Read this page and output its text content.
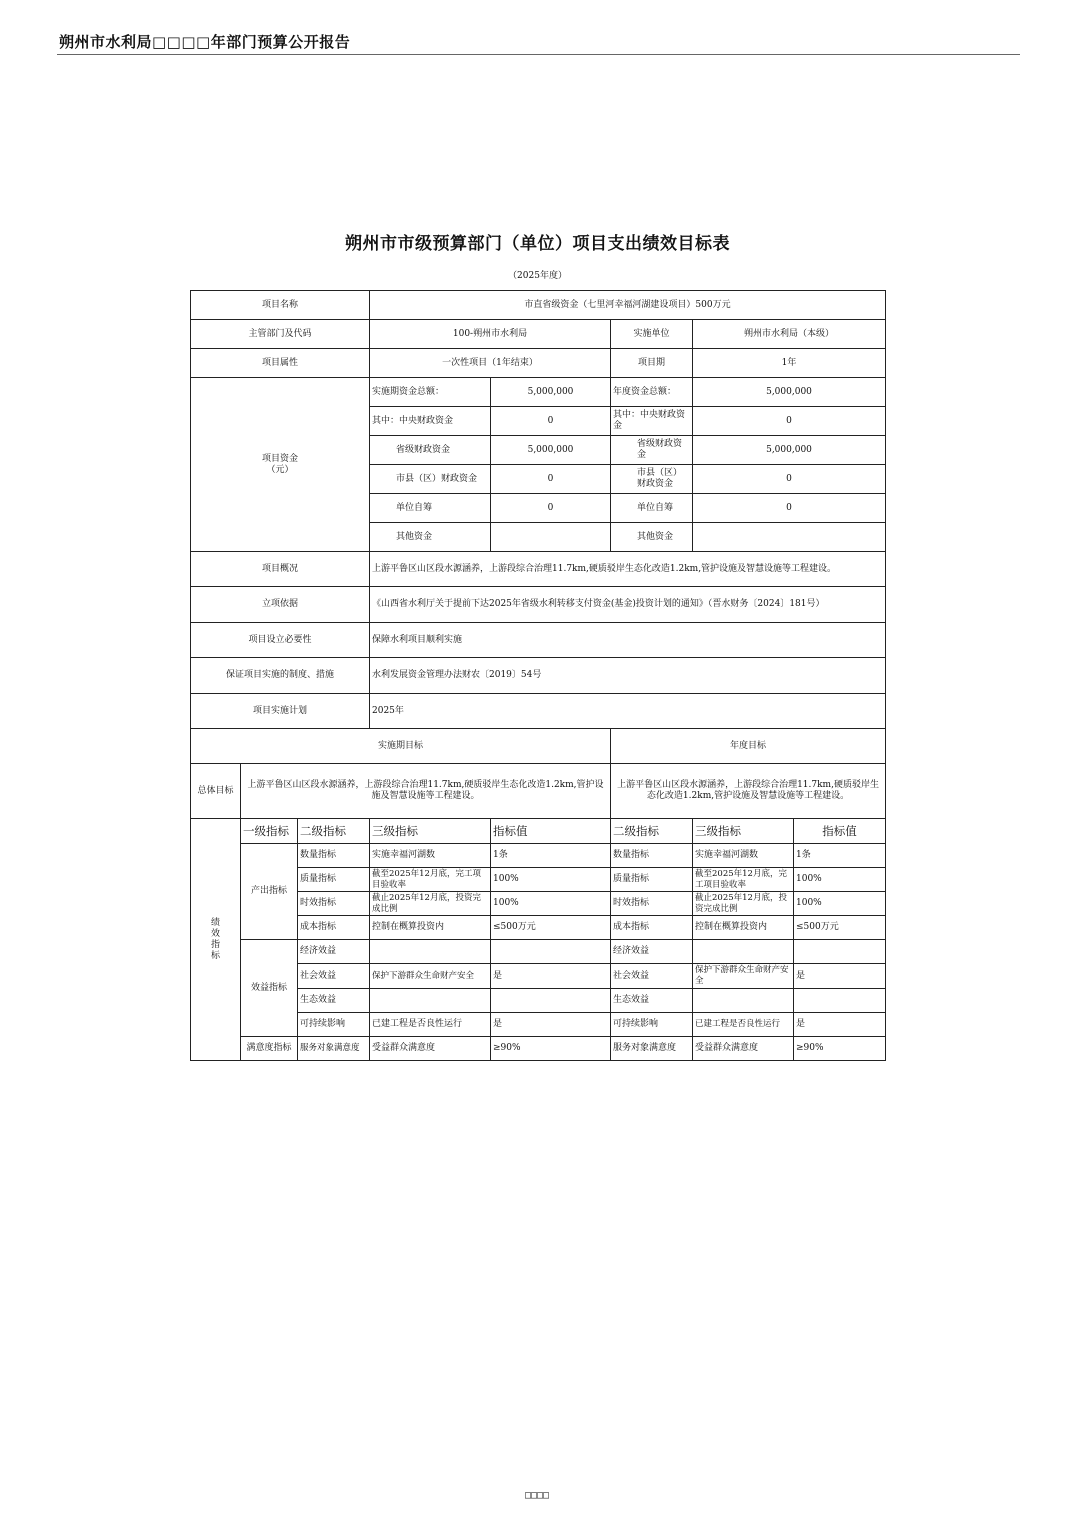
朔州市水利局□□□□年部门预算公开报告
朔州市市级预算部门（单位）项目支出绩效目标表
（2025年度）
项目名称			市直省级资金（七里河幸福河湖建设项目）500万元				
主管部门及代码			100-朔州市水利局		实施单位	朔州市水利局（本级）	
项目属性			一次性项目（1年结束）		项目期	1年	

项目资金
（元）			实施期资金总额：	5,000,000	年度资金总额：	5,000,000	
			其中：中央财政资金	0	其中：中央财政资金	0	
			省级财政资金	5,000,000	省级财政资金	5,000,000	
			市县（区）财政资金	0	市县（区）财政资金	0	
			单位自筹	0	单位自筹	0	
			其他资金		其他资金		
项目概况			上游平鲁区山区段水源涵养，上游段综合治理11.7km,硬质驳岸生态化改造1.2km,管护设施及智慧设施等工程建设。				
立项依据			《山西省水利厅关于提前下达2025年省级水利转移支付资金(基金)投资计划的通知》（晋水财务〔2024〕181号）				
项目设立必要性			保障水利项目顺利实施				
保证项目实施的制度、措施			水利发展资金管理办法财农〔2019〕54号				
项目实施计划			2025年				
实施期目标					年度目标		
总体目标	上游平鲁区山区段水源涵养，上游段综合治理11.7km,硬质驳岸生态化改造1.2km,管护设施及智慧设施等工程建设。				上游平鲁区山区段水源涵养，上游段综合治理11.7km,硬质驳岸生态化改造1.2km,管护设施及智慧设施等工程建设。		

绩
效
指
标	一级指标	二级指标	三级指标	指标值	二级指标	三级指标	指标值
	产出指标	数量指标	实施幸福河湖数	1条	数量指标	实施幸福河湖数	1条
		质量指标	截至2025年12月底，完工项目验收率	100%	质量指标	截至2025年12月底，完工项目验收率	100%
		时效指标	截止2025年12月底，投资完成比例	100%	时效指标	截止2025年12月底，投资完成比例	100%
		成本指标	控制在概算投资内	≤500万元	成本指标	控制在概算投资内	≤500万元
	效益指标	经济效益			经济效益		
		社会效益	保护下游群众生命财产安全	是	社会效益	保护下游群众生命财产安全	是
		生态效益			生态效益		
		可持续影响	已建工程是否良性运行	是	可持续影响	已建工程是否良性运行	是
	满意度指标	服务对象满意度	受益群众满意度	≥90%	服务对象满意度	受益群众满意度	≥90%
□□□□
